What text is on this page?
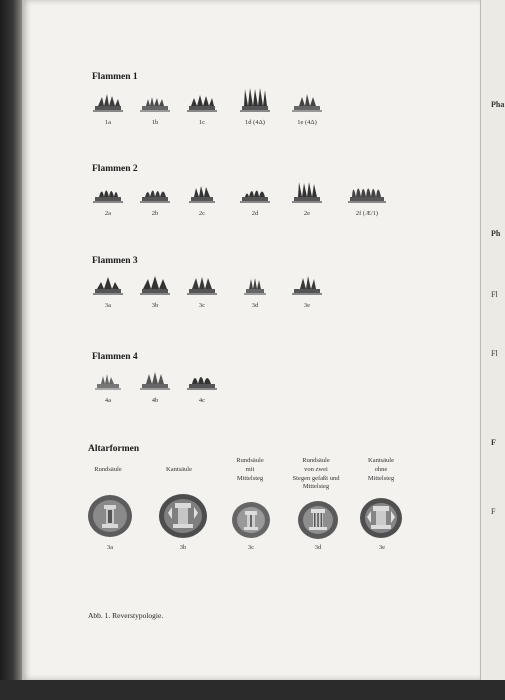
Flammen 1
1a	1b	1c	1d (4Δ)	1e (4Δ)
Flammen 2
2a	2b	2c	2d	2e	2f (Æ/1)
Flammen 3
3a	3b	3c	3d	3e
Flammen 4
4a	4b	4c
Altarformen
Rundsäule	Kantsäule
Rundsäule
mit
Mittelsteg
Rundsäule
von zwei
Stegen gefaßt und
Mittelsteg
Kantsäule
ohne
Mittelsteg
3a	3b	3c	3d	3e
Abb. 1. Reverstypologie.
Pha
Ph
Fl
Fl
F
F
